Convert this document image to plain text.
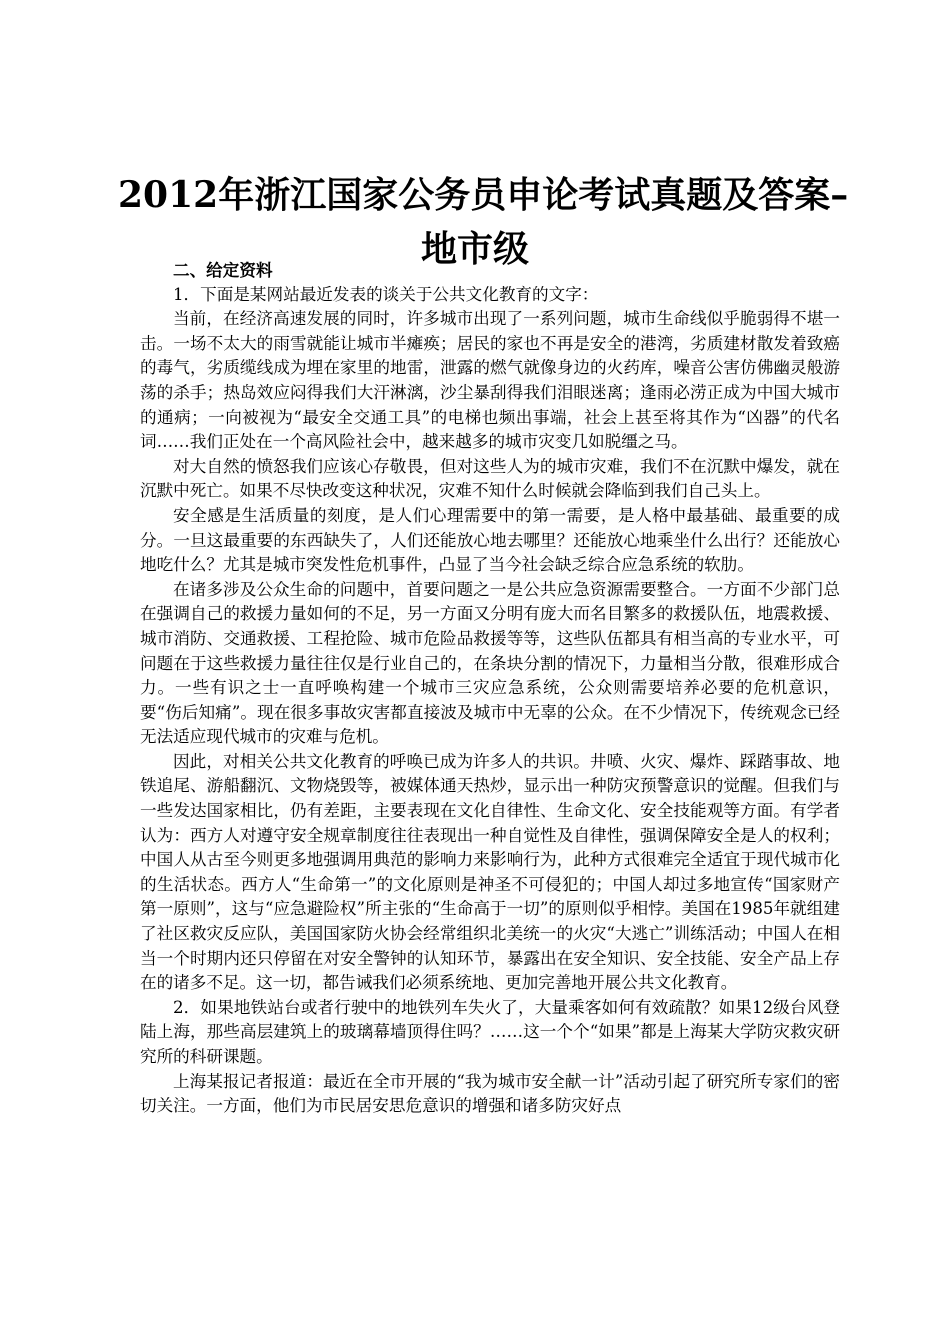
2012年浙江国家公务员申论考试真题及答案–
地市级

二、给定资料

1．下面是某网站最近发表的谈关于公共文化教育的文字：

当前，在经济高速发展的同时，许多城市出现了一系列问题，城市生命线似乎脆弱得不堪一击。一场不太大的雨雪就能让城市半瘫痪；居民的家也不再是安全的港湾，劣质建材散发着致癌的毒气，劣质缆线成为埋在家里的地雷，泄露的燃气就像身边的火药库，噪音公害仿佛幽灵般游荡的杀手；热岛效应闷得我们大汗淋漓，沙尘暴刮得我们泪眼迷离；逢雨必涝正成为中国大城市的通病；一向被视为“最安全交通工具”的电梯也频出事端，社会上甚至将其作为“凶器”的代名词……我们正处在一个高风险社会中，越来越多的城市灾变几如脱缰之马。

对大自然的愤怒我们应该心存敬畏，但对这些人为的城市灾难，我们不在沉默中爆发，就在沉默中死亡。如果不尽快改变这种状况，灾难不知什么时候就会降临到我们自己头上。

安全感是生活质量的刻度，是人们心理需要中的第一需要，是人格中最基础、最重要的成分。一旦这最重要的东西缺失了，人们还能放心地去哪里？还能放心地乘坐什么出行？还能放心地吃什么？尤其是城市突发性危机事件，凸显了当今社会缺乏综合应急系统的软肋。

在诸多涉及公众生命的问题中，首要问题之一是公共应急资源需要整合。一方面不少部门总在强调自己的救援力量如何的不足，另一方面又分明有庞大而名目繁多的救援队伍，地震救援、城市消防、交通救援、工程抢险、城市危险品救援等等，这些队伍都具有相当高的专业水平，可问题在于这些救援力量往往仅是行业自己的，在条块分割的情况下，力量相当分散，很难形成合力。一些有识之士一直呼唤构建一个城市三灾应急系统，公众则需要培养必要的危机意识，要“伤后知痛”。现在很多事故灾害都直接波及城市中无辜的公众。在不少情况下，传统观念已经无法适应现代城市的灾难与危机。

因此，对相关公共文化教育的呼唤已成为许多人的共识。井喷、火灾、爆炸、踩踏事故、地铁追尾、游船翻沉、文物烧毁等，被媒体通天热炒，显示出一种防灾预警意识的觉醒。但我们与一些发达国家相比，仍有差距，主要表现在文化自律性、生命文化、安全技能观等方面。有学者认为：西方人对遵守安全规章制度往往表现出一种自觉性及自律性，强调保障安全是人的权利；中国人从古至今则更多地强调用典范的影响力来影响行为，此种方式很难完全适宜于现代城市化的生活状态。西方人“生命第一”的文化原则是神圣不可侵犯的；中国人却过多地宣传“国家财产第一原则”，这与“应急避险权”所主张的“生命高于一切”的原则似乎相悖。美国在1985年就组建了社区救灾反应队，美国国家防火协会经常组织北美统一的火灾“大逃亡”训练活动；中国人在相当一个时期内还只停留在对安全警钟的认知环节，暴露出在安全知识、安全技能、安全产品上存在的诸多不足。这一切，都告诫我们必须系统地、更加完善地开展公共文化教育。

2．如果地铁站台或者行驶中的地铁列车失火了，大量乘客如何有效疏散？如果12级台风登陆上海，那些高层建筑上的玻璃幕墙顶得住吗？……这一个个“如果”都是上海某大学防灾救灾研究所的科研课题。

上海某报记者报道：最近在全市开展的“我为城市安全献一计”活动引起了研究所专家们的密切关注。一方面，他们为市民居安思危意识的增强和诸多防灾好点
